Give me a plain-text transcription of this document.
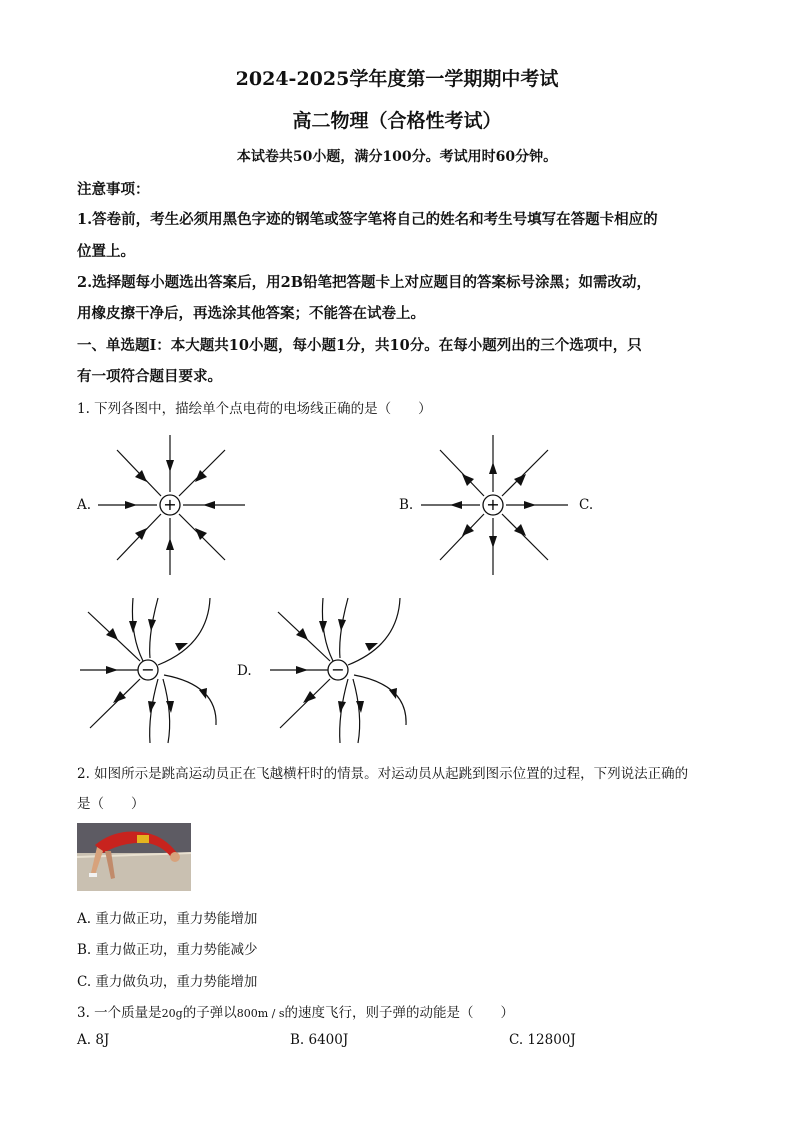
2024-2025学年度第一学期期中考试
高二物理（合格性考试）
本试卷共50小题，满分100分。考试用时60分钟。
注意事项：
1.答卷前，考生必须用黑色字迹的钢笔或签字笔将自己的姓名和考生号填写在答题卡相应的
位置上。
2.选择题每小题选出答案后，用2B铅笔把答题卡上对应题目的答案标号涂黑；如需改动，
用橡皮擦干净后，再选涂其他答案；不能答在试卷上。
一、单选题I：本大题共10小题，每小题1分，共10分。在每小题列出的三个选项中，只
有一项符合题目要求。
1. 下列各图中，描绘单个点电荷的电场线正确的是（　　）
A.	B.	C.
D.
+	+
−	−
2. 如图所示是跳高运动员正在飞越横杆时的情景。对运动员从起跳到图示位置的过程，下列说法正确的
是（　　）
A. 重力做正功，重力势能增加
B. 重力做正功，重力势能减少
C. 重力做负功，重力势能增加
3. 一个质量是20g的子弹以800m / s的速度飞行，则子弹的动能是（　　）
A. 8J	B. 6400J	C. 12800J
